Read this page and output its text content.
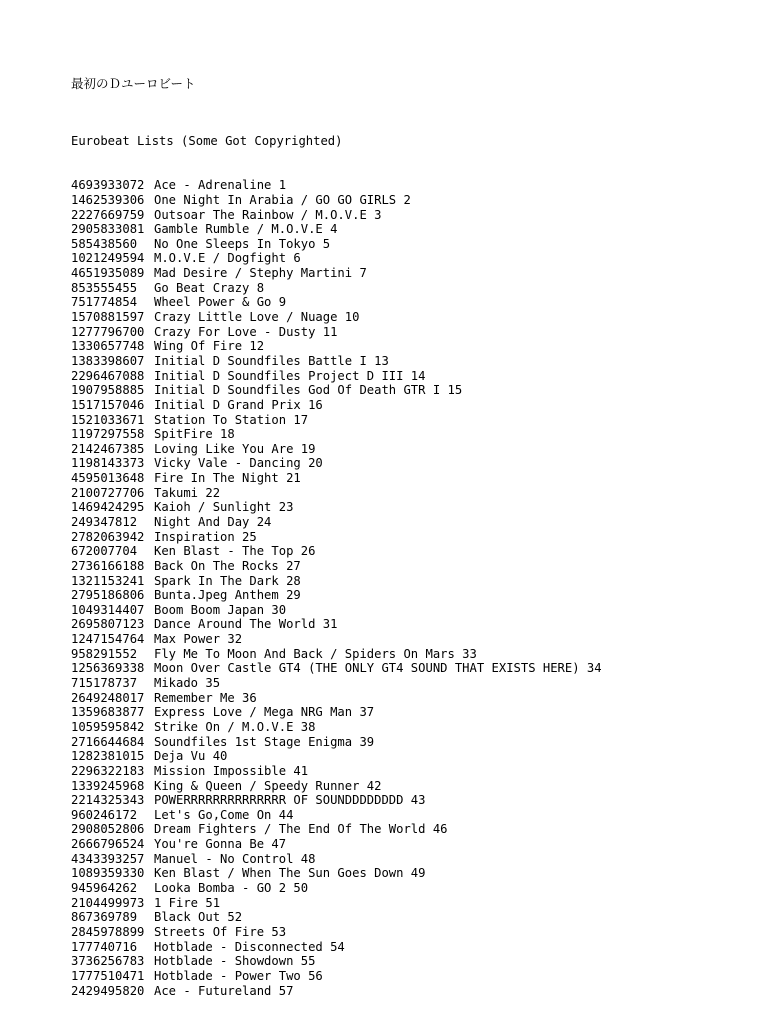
最初のＤユーロビート

Eurobeat Lists (Some Got Copyrighted)

4693933072 Ace - Adrenaline 1
1462539306 One Night In Arabia / GO GO GIRLS 2
2227669759 Outsoar The Rainbow / M.O.V.E 3
2905833081 Gamble Rumble / M.O.V.E 4
585438560 No One Sleeps In Tokyo 5
1021249594 M.O.V.E / Dogfight 6
4651935089 Mad Desire / Stephy Martini 7
853555455 Go Beat Crazy 8
751774854 Wheel Power & Go 9
1570881597 Crazy Little Love / Nuage 10
1277796700 Crazy For Love - Dusty 11
1330657748 Wing Of Fire 12
1383398607 Initial D Soundfiles Battle I 13
2296467088 Initial D Soundfiles Project D III 14
1907958885 Initial D Soundfiles God Of Death GTR I 15
1517157046 Initial D Grand Prix 16
1521033671 Station To Station 17
1197297558 SpitFire 18
2142467385 Loving Like You Are 19
1198143373 Vicky Vale - Dancing 20
4595013648 Fire In The Night 21
2100727706 Takumi 22
1469424295 Kaioh / Sunlight 23
249347812 Night And Day 24
2782063942 Inspiration 25
672007704 Ken Blast - The Top 26
2736166188 Back On The Rocks 27
1321153241 Spark In The Dark 28
2795186806 Bunta.Jpeg Anthem 29
1049314407 Boom Boom Japan 30
2695807123 Dance Around The World 31
1247154764 Max Power 32
958291552 Fly Me To Moon And Back / Spiders On Mars 33
1256369338 Moon Over Castle GT4 (THE ONLY GT4 SOUND THAT EXISTS HERE) 34
715178737 Mikado 35
2649248017 Remember Me 36
1359683877 Express Love / Mega NRG Man 37
1059595842 Strike On / M.O.V.E 38
2716644684 Soundfiles 1st Stage Enigma 39
1282381015 Deja Vu 40
2296322183 Mission Impossible 41
1339245968 King & Queen / Speedy Runner 42
2214325343 POWERRRRRRRRRRRRRR OF SOUNDDDDDDDD 43
960246172 Let's Go,Come On 44
2908052806 Dream Fighters / The End Of The World 46
2666796524 You're Gonna Be 47
4343393257 Manuel - No Control 48
1089359330 Ken Blast / When The Sun Goes Down 49
945964262 Looka Bomba - GO 2 50
2104499973 1 Fire 51
867369789 Black Out 52
2845978899 Streets Of Fire 53
177740716 Hotblade - Disconnected 54
3736256783 Hotblade - Showdown 55
1777510471 Hotblade - Power Two 56
2429495820 Ace - Futureland 57
